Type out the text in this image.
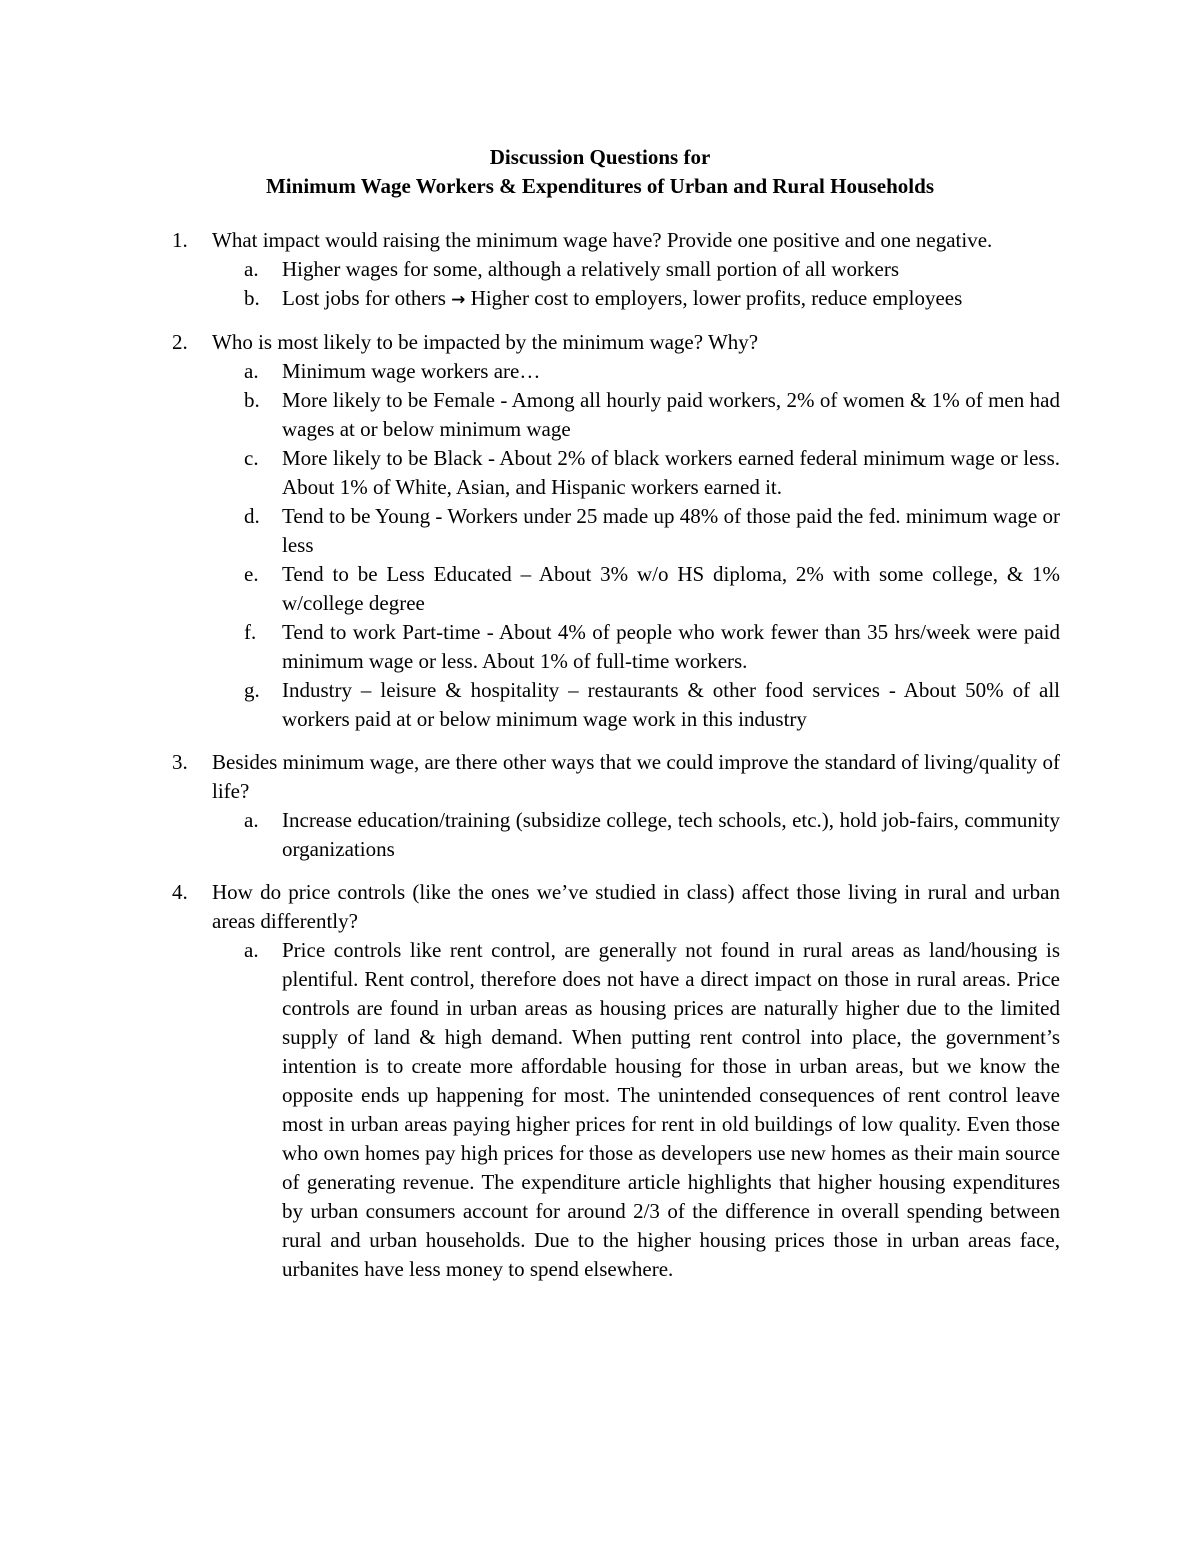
Discussion Questions for
Minimum Wage Workers & Expenditures of Urban and Rural Households
1. What impact would raising the minimum wage have? Provide one positive and one negative.
a. Higher wages for some, although a relatively small portion of all workers
b. Lost jobs for others → Higher cost to employers, lower profits, reduce employees
2. Who is most likely to be impacted by the minimum wage? Why?
a. Minimum wage workers are…
b. More likely to be Female - Among all hourly paid workers, 2% of women & 1% of men had wages at or below minimum wage
c. More likely to be Black - About 2% of black workers earned federal minimum wage or less. About 1% of White, Asian, and Hispanic workers earned it.
d. Tend to be Young - Workers under 25 made up 48% of those paid the fed. minimum wage or less
e. Tend to be Less Educated – About 3% w/o HS diploma, 2% with some college, & 1% w/college degree
f. Tend to work Part-time - About 4% of people who work fewer than 35 hrs/week were paid minimum wage or less. About 1% of full-time workers.
g. Industry – leisure & hospitality – restaurants & other food services - About 50% of all workers paid at or below minimum wage work in this industry
3. Besides minimum wage, are there other ways that we could improve the standard of living/quality of life?
a. Increase education/training (subsidize college, tech schools, etc.), hold job-fairs, community organizations
4. How do price controls (like the ones we’ve studied in class) affect those living in rural and urban areas differently?
a. Price controls like rent control, are generally not found in rural areas as land/housing is plentiful. Rent control, therefore does not have a direct impact on those in rural areas. Price controls are found in urban areas as housing prices are naturally higher due to the limited supply of land & high demand. When putting rent control into place, the government’s intention is to create more affordable housing for those in urban areas, but we know the opposite ends up happening for most. The unintended consequences of rent control leave most in urban areas paying higher prices for rent in old buildings of low quality. Even those who own homes pay high prices for those as developers use new homes as their main source of generating revenue. The expenditure article highlights that higher housing expenditures by urban consumers account for around 2/3 of the difference in overall spending between rural and urban households. Due to the higher housing prices those in urban areas face, urbanites have less money to spend elsewhere.
